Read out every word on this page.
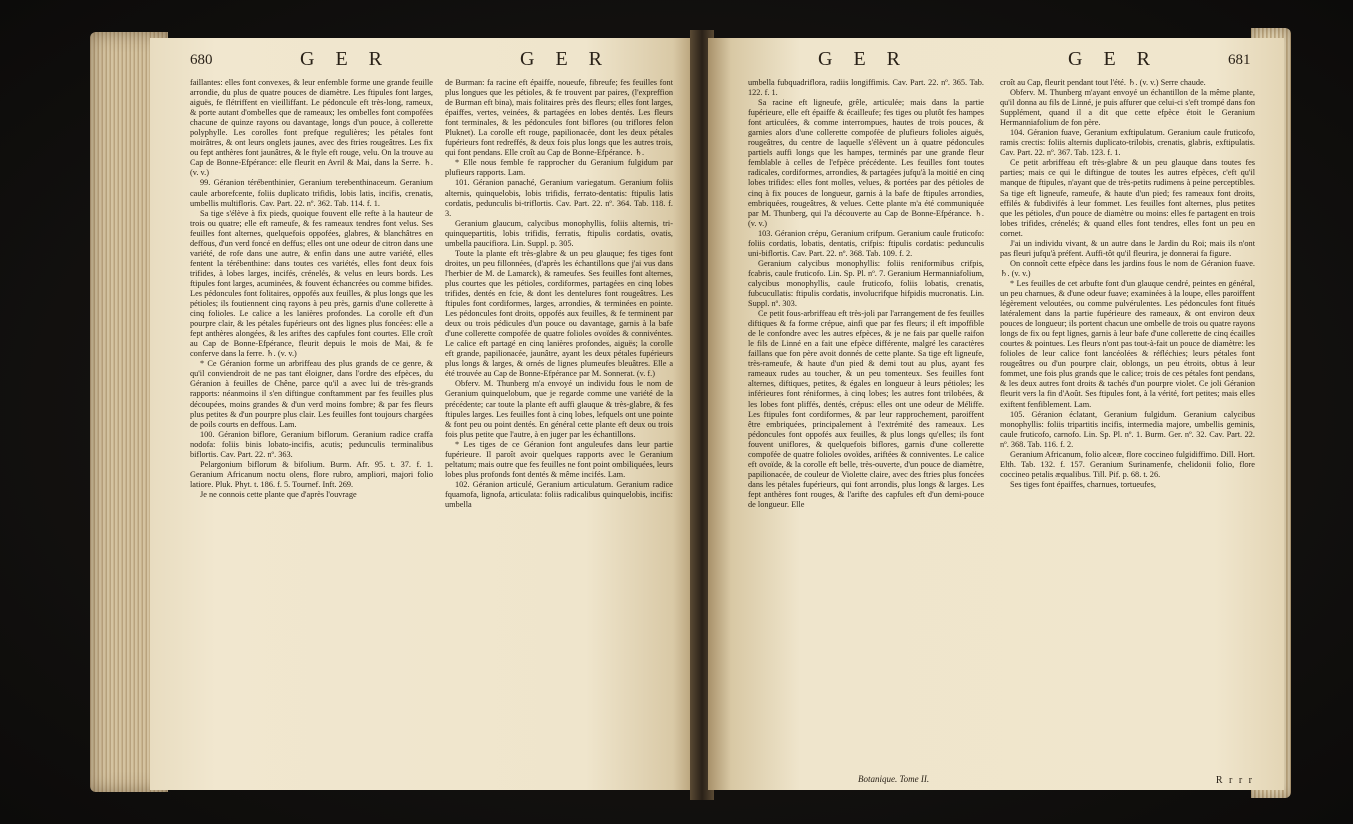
680	G E R	G E R

faillantes: elles font convexes, & leur enfemble forme une grande feuille arrondie, du plus de quatre pouces de diamètre. Les ftipules font larges, aiguës, fe flétriffent en vieilliffant. Le pédoncule eft très-long, rameux, & porte autant d'ombelles que de rameaux; les ombelles font compofées chacune de quinze rayons ou davantage, longs d'un pouce, à collerette polyphylle. Les corolles font prefque regulières; les pétales font moirâtres, & ont leurs onglets jaunes, avec des ftries rougeâtres. Les fix ou fept anthères font jaunâtres, & le ftyle eft rouge, velu. On la trouve au Cap de Bonne-Efpérance: elle fleurit en Avril & Mai, dans la Serre. ♄. (v. v.)

99. Géranion térébenthinier, Geranium terebenthinaceum. Geranium caule arborefcente, foliis duplicato trifidis, lobis latis, incifis, crenatis, umbellis multifloris. Cav. Part. 22. nº. 362. Tab. 114. f. 1.

Sa tige s'élève à fix pieds, quoique fouvent elle refte à la hauteur de trois ou quatre; elle eft rameufe, & fes rameaux tendres font velus. Ses feuilles font alternes, quelquefois oppofées, glabres, & blanchâtres en deffous, d'un verd foncé en deffus; elles ont une odeur de citron dans une variété, de rofe dans une autre, & enfin dans une autre variété, elles fentent la térébenthine: dans toutes ces variétés, elles font deux fois trifides, à lobes larges, incifés, crénelés, & velus en leurs bords. Les ftipules font larges, acuminées, & fouvent échancrées ou comme bifides. Les pédoncules font folitaires, oppofés aux feuilles, & plus longs que les pétioles; ils foutiennent cinq rayons à peu près, garnis d'une collerette à cinq folioles. Le calice a les lanières profondes. La corolle eft d'un pourpre clair, & les pétales fupérieurs ont des lignes plus foncées: elle a fept anthères alongées, & les ariftes des capfules font courtes. Elle croît au Cap de Bonne-Efpérance, fleurit depuis le mois de Mai, & fe conferve dans la ferre. ♄. (v. v.)

* Ce Géranion forme un arbriffeau des plus grands de ce genre, & qu'il conviendroit de ne pas tant éloigner, dans l'ordre des efpèces, du Géranion à feuilles de Chêne, parce qu'il a avec lui de très-grands rapports: néanmoins il s'en diftingue conftamment par fes feuilles plus découpées, moins grandes & d'un verd moins fombre; & par fes fleurs plus petites & d'un pourpre plus clair. Les feuilles font toujours chargées de poils courts en deffous. Lam.

100. Géranion biflore, Geranium biflorum. Geranium radice craffa nodofa: foliis binis lobato-incifis, acutis; pedunculis terminalibus biflortis. Cav. Part. 22. nº. 363.

Pelargonium biflorum & bifolium. Burm. Afr. 95. t. 37. f. 1. Geranium Africanum noctu olens, flore rubro, ampliori, majori folio latiore. Pluk. Phyt. t. 186. f. 5. Tournef. Inft. 269.

Je ne connois cette plante que d'après l'ouvrage

de Burman: fa racine eft épaiffe, noueufe, fibreufe; fes feuilles font plus longues que les pétioles, & fe trouvent par paires, (l'expreffion de Burman eft bina), mais folitaires près des fleurs; elles font larges, épaiffes, vertes, veinées, & partagées en lobes dentés. Les fleurs font terminales, & les pédoncules font biflores (ou triflores felon Pluknet). La corolle eft rouge, papilionacée, dont les deux pétales fupérieurs font redreffés, & deux fois plus longs que les autres trois, qui font pendans. Elle croît au Cap de Bonne-Efpérance. ♄.

* Elle nous femble fe rapprocher du Geranium fulgidum par plufieurs rapports. Lam.

101. Géranion panaché, Geranium variegatum. Geranium foliis alternis, quinquelobis, lobis trifidis, ferrato-dentatis: ftipulis latis cordatis, pedunculis bi-triflortis. Cav. Part. 22. nº. 364. Tab. 118. f. 3.

Geranium glaucum, calycibus monophyllis, foliis alternis, tri-quinquepartitis, lobis trifidis, ferratis, ftipulis cordatis, ovatis, umbella paucifiora. Lin. Suppl. p. 305.

Toute la plante eft très-glabre & un peu glauque; fes tiges font droites, un peu fillonnées, (d'après les échantillons que j'ai vus dans l'herbier de M. de Lamarck), & rameufes. Ses feuilles font alternes, plus courtes que les pétioles, cordiformes, partagées en cinq lobes trifides, dentés en fcie, & dont les dentelures font rougeâtres. Les ftipules font cordiformes, larges, arrondies, & terminées en pointe. Les pédoncules font droits, oppofés aux feuilles, & fe terminent par deux ou trois pédicules d'un pouce ou davantage, garnis à la bafe d'une collerette compofée de quatre folioles ovoïdes & connivéntes. Le calice eft partagé en cinq lanières profondes, aiguës; la corolle eft grande, papilionacée, jaunâtre, ayant les deux pétales fupérieurs plus longs & larges, & ornés de lignes plumeufes bleuâtres. Elle a été trouvée au Cap de Bonne-Efpérance par M. Sonnerat. (v. f.)

Obferv. M. Thunberg m'a envoyé un individu fous le nom de Geranium quinquelobum, que je regarde comme une variété de la précédente; car toute la plante eft auffi glauque & très-glabre, & fes ftipules larges. Les feuilles font à cinq lobes, lefquels ont une pointe & font peu ou point dentés. En général cette plante eft deux ou trois fois plus petite que l'autre, à en juger par les échantillons.

* Les tiges de ce Géranion font anguleufes dans leur partie fupérieure. Il paroît avoir quelques rapports avec le Geranium peltatum; mais outre que fes feuilles ne font point ombiliquées, leurs lobes plus profonds font dentés & même incifés. Lam.

102. Géranion articulé, Geranium articulatum. Geranium radice fquamofa, lignofa, articulata: foliis radicalibus quinquelobis, incifis: umbella

G E R	G E R	681

umbella fubquadriflora, radiis longiffimis. Cav. Part. 22. nº. 365. Tab. 122. f. 1.

Sa racine eft ligneufe, grêle, articulée; mais dans la partie fupérieure, elle eft épaiffe & écailleufe; fes tiges ou plutôt fes hampes font articulées, & comme interrompues, hautes de trois pouces, & garnies alors d'une collerette compofée de plufieurs folioles aiguës, rougeâtres, du centre de laquelle s'élèvent un à quatre pédoncules partiels auffi longs que les hampes, terminés par une grande fleur femblable à celles de l'efpèce précédente. Les feuilles font toutes radicales, cordiformes, arrondies, & partagées jufqu'à la moitié en cinq lobes trifides: elles font molles, velues, & portées par des pétioles de cinq à fix pouces de longueur, garnis à la bafe de ftipules arrondies, embriquées, rougeâtres, & velues. Cette plante m'a été communiquée par M. Thunberg, qui l'a découverte au Cap de Bonne-Efpérance. ♄. (v. v.)

103. Géranion crépu, Geranium crifpum. Geranium caule fruticofo: foliis cordatis, lobatis, dentatis, crifpis: ftipulis cordatis: pedunculis uni-biflortis. Cav. Part. 22. nº. 368. Tab. 109. f. 2.

Geranium calycibus monophyllis: foliis reniformibus crifpis, fcabris, caule fruticofo. Lin. Sp. Pl. nº. 7. Geranium Hermanniafolium, calycibus monophyllis, caule fruticofo, foliis lobatis, crenatis, fubcucullatis: ftipulis cordatis, involucrifque hifpidis mucronatis. Lin. Suppl. nº. 303.

Ce petit fous-arbriffeau eft très-joli par l'arrangement de fes feuilles diftiques & fa forme crépue, ainfi que par fes fleurs; il eft impoffible de le confondre avec les autres efpèces, & je ne fais par quelle raifon le fils de Linné en a fait une efpèce différente, malgré les caractères faillans que fon père avoit donnés de cette plante. Sa tige eft ligneufe, très-rameufe, & haute d'un pied & demi tout au plus, ayant fes rameaux rudes au toucher, & un peu tomenteux. Ses feuilles font alternes, diftiques, petites, & égales en longueur à leurs pétioles; les inférieures font réniformes, à cinq lobes; les autres font trilobées, & les lobes font pliffés, dentés, crépus: elles ont une odeur de Méliffe. Les ftipules font cordiformes, & par leur rapprochement, paroiffent être embriquées, principalement à l'extrémité des rameaux. Les pédoncules font oppofés aux feuilles, & plus longs qu'elles; ils font fouvent uniflores, & quelquefois biflores, garnis d'une collerette compofée de quatre folioles ovoïdes, ariftées & conniventes. Le calice eft ovoïde, & la corolle eft belle, très-ouverte, d'un pouce de diamètre, papilionacée, de couleur de Violette claire, avec des ftries plus foncées dans les pétales fupérieurs, qui font arrondis, plus longs & larges. Les fept anthères font rouges, & l'arifte des capfules eft d'un demi-pouce de longueur. Elle

croît au Cap, fleurit pendant tout l'été. ♄. (v. v.) Serre chaude.

Obferv. M. Thunberg m'ayant envoyé un échantillon de la même plante, qu'il donna au fils de Linné, je puis affurer que celui-ci s'eft trompé dans fon Supplément, quand il a dit que cette efpèce étoit le Geranium Hermanniafolium de fon père.

104. Géranion fuave, Geranium exftipulatum. Geranium caule fruticofo, ramis crectis: foliis alternis duplicato-trilobis, crenatis, glabris, exftipulatis. Cav. Part. 22. nº. 367. Tab. 123. f. 1.

Ce petit arbriffeau eft très-glabre & un peu glauque dans toutes fes parties; mais ce qui le diftingue de toutes les autres efpèces, c'eft qu'il manque de ftipules, n'ayant que de très-petits rudimens à peine perceptibles. Sa tige eft ligneufe, rameufe, & haute d'un pied; fes rameaux font droits, effilés & fubdivifés à leur fommet. Les feuilles font alternes, plus petites que les pétioles, d'un pouce de diamètre ou moins: elles fe partagent en trois lobes trifides, crénelés; & quand elles font tendres, elles font un peu en cornet.

J'ai un individu vivant, & un autre dans le Jardin du Roi; mais ils n'ont pas fleuri jufqu'à préfent. Auffi-tôt qu'il fleurira, je donnerai fa figure.

On connoît cette efpèce dans les jardins fous le nom de Géranion fuave. ♄. (v. v.)

* Les feuilles de cet arbufte font d'un glauque cendré, peintes en général, un peu charnues, & d'une odeur fuave; examinées à la loupe, elles paroiffent légèrement veloutées, ou comme pulvérulentes. Les pédoncules font fitués latéralement dans la partie fupérieure des rameaux, & ont environ deux pouces de longueur; ils portent chacun une ombelle de trois ou quatre rayons longs de fix ou fept lignes, garnis à leur bafe d'une collerette de cinq écailles courtes & pointues. Les fleurs n'ont pas tout-à-fait un pouce de diamètre: les folioles de leur calice font lancéolées & réfléchies; leurs pétales font rougeâtres ou d'un pourpre clair, oblongs, un peu étroits, obtus à leur fommet, une fois plus grands que le calice; trois de ces pétales font pendans, & les deux autres font droits & tachés d'un pourpre violet. Ce joli Géranion fleurit vers la fin d'Août. Ses ftipules font, à la vérité, fort petites; mais elles exiftent fenfiblement. Lam.

105. Géranion éclatant, Geranium fulgidum. Geranium calycibus monophyllis: foliis tripartitis incifis, intermedia majore, umbellis geminis, caule fruticofo, carnofo. Lin. Sp. Pl. nº. 1. Burm. Ger. nº. 32. Cav. Part. 22. nº. 368. Tab. 116. f. 2.

Geranium Africanum, folio alceæ, flore coccineo fulgidiffimo. Dill. Hort. Elth. Tab. 132. f. 157. Geranium Surinamenfe, chelidonii folio, flore coccineo petalis æqualibus. Till. Pif. p. 68. t. 26.

Ses tiges font épaiffes, charnues, tortueufes,

Botanique. Tome II.	R r r r
